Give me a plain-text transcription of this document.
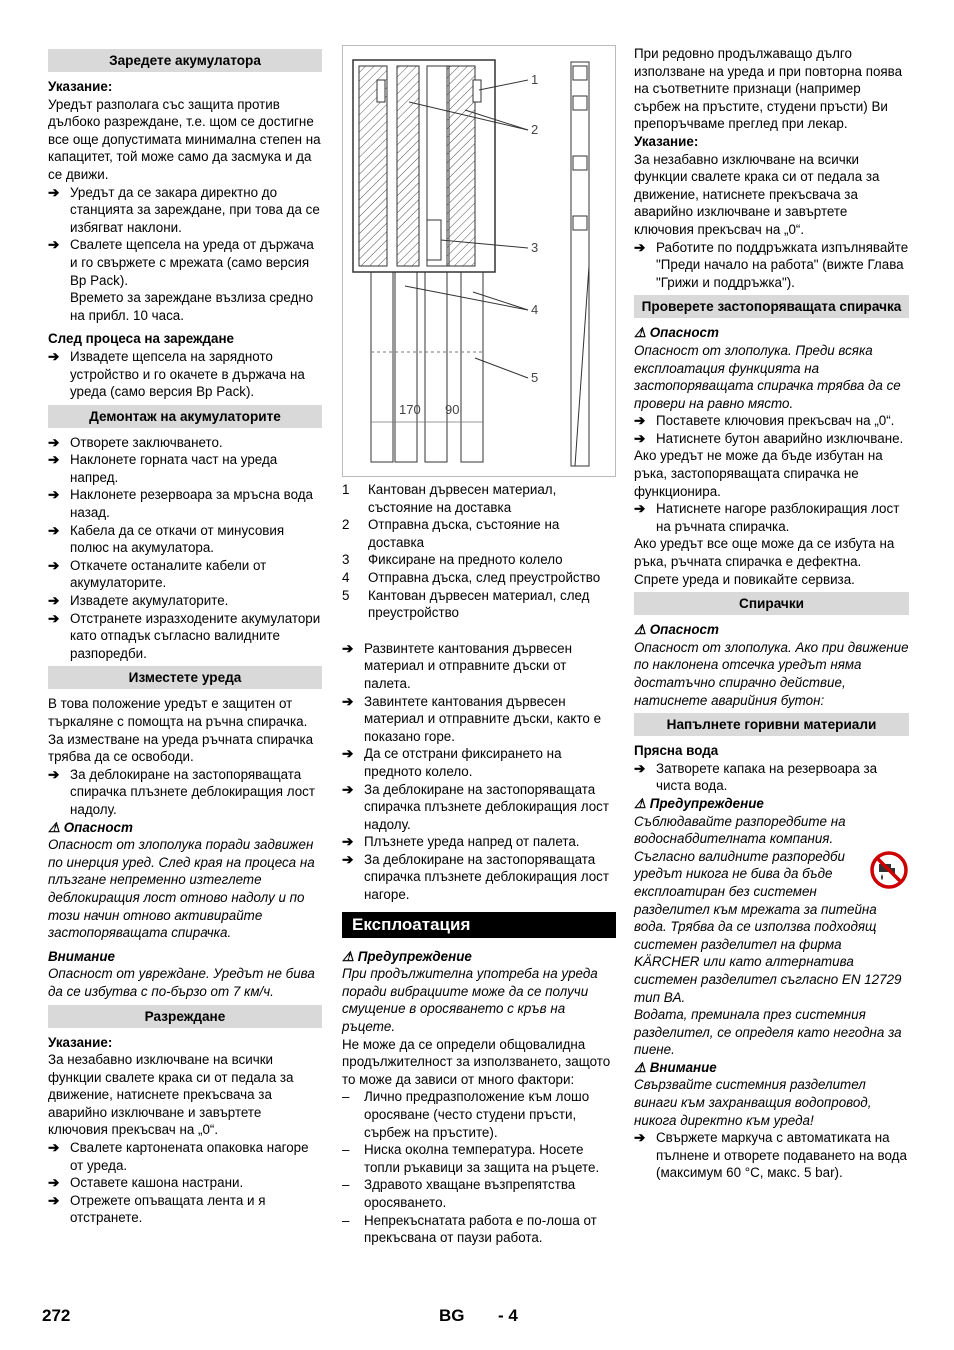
Заредете акумулатора
Указание:

Уредът разполага със защита против дълбоко разреждане, т.е. щом се достигне все още допустимата минимална степен на капацитет, той може само да засмука и да се движи.

➔ Уредът да се закара директно до станцията за зареждане, при това да се избягват наклони.

➔ Свалете щепсела на уреда от държача и го свържете с мрежата (само версия Bp Pack).

Времето за зареждане възлиза средно на прибл. 10 часа.

След процеса на зареждане

➔ Извадете щепсела на зарядното устройство и го окачете в държача на уреда (само версия Bp Pack).

Демонтаж на акумулаторите

➔ Отворете заключването.

➔ Наклонете горната част на уреда напред.

➔ Наклонете резервоара за мръсна вода назад.

➔ Кабела да се откачи от минусовия полюс на акумулатора.

➔ Откачете останалите кабели от акумулаторите.

➔ Извадете акумулаторите.

➔ Отстранете изразходените акумулатори като отпадък съгласно валидните разпоредби.

Изместете уреда

В това положение уредът е защитен от търкаляне с помощта на ръчна спирачка. За изместване на уреда ръчната спирачка трябва да се освободи.

➔ За деблокиране на застопоряващата спирачка плъзнете деблокиращия лост надолу.

⚠ Опасност

Опасност от злополука поради задвижен по инерция уред. След края на процеса на плъзгане непременно изтеглете деблокиращия лост отново надолу и по този начин отново активирайте застопоряващата спирачка.

Внимание

Опасност от увреждане. Уредът не бива да се избутва с по-бързо от 7 км/ч.

Разреждане
Указание:

За незабавно изключване на всички функции свалете крака си от педала за движение, натиснете прекъсвача за аварийно изключване и завъртете ключовия прекъсвач на „0“.

➔ Свалете картонената опаковка нагоре от уреда.

➔ Оставете кашона настрани.

➔ Отрежете опъващата лента и я отстранете.

1
2
3
4
5
170 90

1 Кантован дървесен материал, състояние на доставка

2 Отправна дъска, състояние на доставка

3 Фиксиране на предното колело

4 Отправна дъска, след преустройство

5 Кантован дървесен материал, след преустройство

➔ Развинтете кантования дървесен материал и отправните дъски от палета.

➔ Завинтете кантования дървесен материал и отправните дъски, както е показано горе.

➔ Да се отстрани фиксирането на предното колело.

➔ За деблокиране на застопоряващата спирачка плъзнете деблокиращия лост надолу.

➔ Плъзнете уреда напред от палета.

➔ За деблокиране на застопоряващата спирачка плъзнете деблокиращия лост нагоре.

Експлоатация
⚠ Предупреждение

При продължителна употреба на уреда поради вибрациите може да се получи смущение в оросяването с кръв на ръцете.

Не може да се определи общовалидна продължителност за използването, защото то може да зависи от много фактори:

– Лично предразположение към лошо оросяване (често студени пръсти, сърбеж на пръстите).

– Ниска околна температура. Носете топли ръкавици за защита на ръцете.

– Здравото хващане възпрепятства оросяването.

– Непрекъснатата работа е по-лоша от прекъсвана от паузи работа.

При редовно продължаващо дълго използване на уреда и при повторна поява на съответните признаци (например сърбеж на пръстите, студени пръсти) Ви препоръчваме преглед при лекар.

Указание:

За незабавно изключване на всички функции свалете крака си от педала за движение, натиснете прекъсвача за аварийно изключване и завъртете ключовия прекъсвач на „0“.

➔ Работите по поддръжката изпълнявайте "Преди начало на работа" (вижте Глава "Грижи и поддръжка").

Проверете застопоряващата спирачка
⚠ Опасност

Опасност от злополука. Преди всяка експлоатация функцията на застопоряващата спирачка трябва да се провери на равно място.

➔ Поставете ключовия прекъсвач на „0“.

➔ Натиснете бутон аварийно изключване.

Ако уредът не може да бъде избутан на ръка, застопоряващата спирачка не функционира.

➔ Натиснете нагоре разблокиращия лост на ръчната спирачка.

Ако уредът все още може да се избута на ръка, ръчната спирачка е дефектна. Спрете уреда и повикайте сервиза.

Спирачки
⚠ Опасност

Опасност от злополука. Ако при движение по наклонена отсечка уредът няма достатъчно спирачно действие, натиснете аварийния бутон:

Напълнете горивни материали
Прясна вода

➔ Затворете капака на резервоара за чиста вода.

⚠ Предупреждение

Съблюдавайте разпоредбите на водоснабдителната компания.

Съгласно валидните разпоредби уредът никога не бива да бъде експлоатиран без системен разделител към мрежата за питейна вода. Трябва да се използва подходящ системен разделител на фирма KÄRCHER или като алтернатива системен разделител съгласно EN 12729 тип BA.

Водата, преминала през системния разделител, се определя като негодна за пиене.

⚠ Внимание

Свързвайте системния разделител винаги към захранващия водопровод, никога директно към уреда!

➔ Свържете маркуча с автоматиката на пълнене и отворете подаването на вода (максимум 60 °C, макс. 5 bar).

272	BG - 4
